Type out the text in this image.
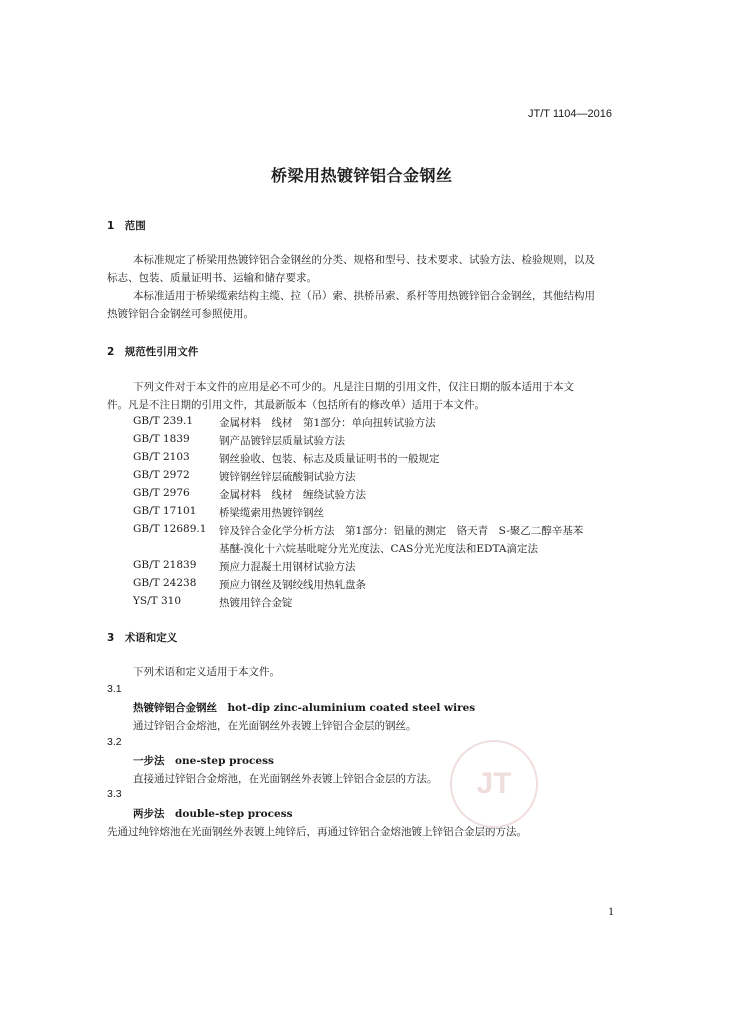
JT/T 1104—2016
桥梁用热镀锌铝合金钢丝
1　范围
本标准规定了桥梁用热镀锌铝合金钢丝的分类、规格和型号、技术要求、试验方法、检验规则，以及
标志、包装、质量证明书、运输和储存要求。
本标准适用于桥梁缆索结构主缆、拉（吊）索、拱桥吊索、系杆等用热镀锌铝合金钢丝，其他结构用
热镀锌铝合金钢丝可参照使用。
2　规范性引用文件
下列文件对于本文件的应用是必不可少的。凡是注日期的引用文件，仅注日期的版本适用于本文
件。凡是不注日期的引用文件，其最新版本（包括所有的修改单）适用于本文件。
GB/T 239.1 金属材料　线材　第1部分：单向扭转试验方法
GB/T 1839	钢产品镀锌层质量试验方法
GB/T 2103	钢丝验收、包装、标志及质量证明书的一般规定
GB/T 2972	镀锌钢丝锌层硫酸铜试验方法
GB/T 2976	金属材料　线材　缠绕试验方法
GB/T 17101 桥梁缆索用热镀锌钢丝
GB/T 12689.1 锌及锌合金化学分析方法　第1部分：铝量的测定　铬天青　S-聚乙二醇辛基苯
基醚-溴化十六烷基吡啶分光光度法、CAS分光光度法和EDTA滴定法
GB/T 21839 预应力混凝土用钢材试验方法
GB/T 24238 预应力钢丝及钢绞线用热轧盘条
YS/T 310	热镀用锌合金锭
3　术语和定义
下列术语和定义适用于本文件。
3.1
热镀锌铝合金钢丝　hot-dip zinc-aluminium coated steel wires
通过锌铝合金熔池，在光面钢丝外表镀上锌铝合金层的钢丝。
3.2
一步法　one-step process
直接通过锌铝合金熔池，在光面钢丝外表镀上锌铝合金层的方法。
3.3
两步法　double-step process
先通过纯锌熔池在光面钢丝外表镀上纯锌后，再通过锌铝合金熔池镀上锌铝合金层的方法。
JT
1
